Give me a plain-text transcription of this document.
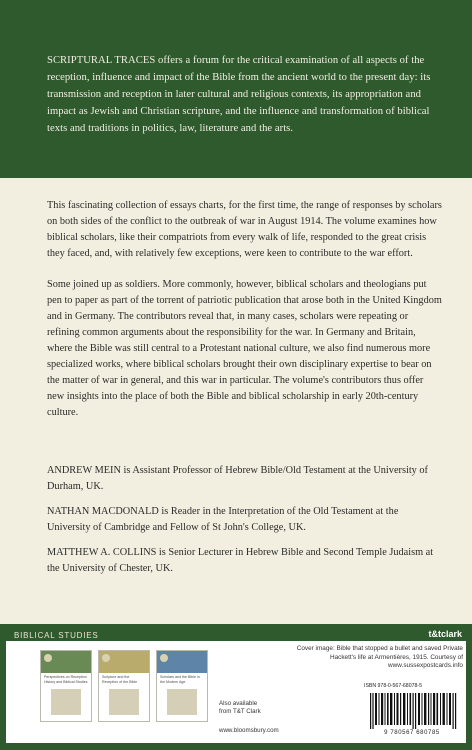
SCRIPTURAL TRACES offers a forum for the critical examination of all aspects of the reception, influence and impact of the Bible from the ancient world to the present day: its transmission and reception in later cultural and religious contexts, its appropriation and impact as Jewish and Christian scripture, and the influence and transformation of biblical texts and traditions in politics, law, literature and the arts.

This fascinating collection of essays charts, for the first time, the range of responses by scholars on both sides of the conflict to the outbreak of war in August 1914. The volume examines how biblical scholars, like their compatriots from every walk of life, responded to the great crisis they faced, and, with relatively few exceptions, were keen to contribute to the war effort.

Some joined up as soldiers. More commonly, however, biblical scholars and theologians put pen to paper as part of the torrent of patriotic publication that arose both in the United Kingdom and in Germany. The contributors reveal that, in many cases, scholars were repeating or refining common arguments about the responsibility for the war. In Germany and Britain, where the Bible was still central to a Protestant national culture, we also find numerous more specialized works, where biblical scholars brought their own disciplinary expertise to bear on the matter of war in general, and this war in particular. The volume's contributors thus offer new insights into the place of both the Bible and biblical scholarship in early 20th-century culture.

ANDREW MEIN is Assistant Professor of Hebrew Bible/Old Testament at the University of Durham, UK.

NATHAN MACDONALD is Reader in the Interpretation of the Old Testament at the University of Cambridge and Fellow of St John's College, UK.

MATTHEW A. COLLINS is Senior Lecturer in Hebrew Bible and Second Temple Judaism at the University of Chester, UK.

BIBLICAL STUDIES	t&tclark
Perspectives on Reception History and Biblical Studies
Scripture and the Reception of the Bible
Scholars and the Bible in the Modern Age
Also available
from T&T Clark
www.bloomsbury.com
Cover image: Bible that stopped a bullet and saved Private Hackett's life at Armentières, 1915. Courtesy of www.sussexpostcards.info
ISBN 978-0-567-68078-5
9 780567 680785
